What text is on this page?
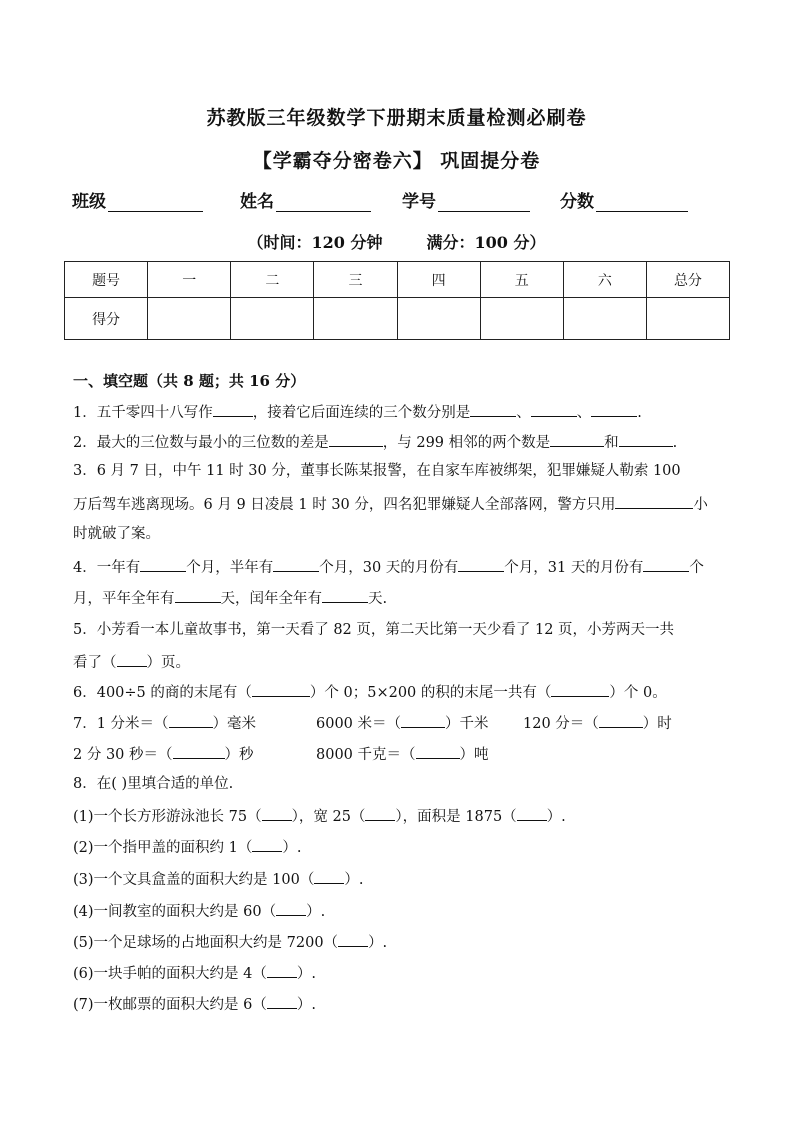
苏教版三年级数学下册期末质量检测必刷卷
【学霸夺分密卷六】 巩固提分卷
班级	姓名	学号	分数
（时间：120 分钟	满分：100 分）
题号	一	二	三	四	五	六	总分
得分							
一、填空题（共 8 题；共 16 分）
1．五千零四十八写作	，接着它后面连续的三个数分别是	、	、	.
2．最大的三位数与最小的三位数的差是	，与 299 相邻的两个数是	和	.
3．6 月 7 日，中午 11 时 30 分，董事长陈某报警，在自家车库被绑架，犯罪嫌疑人勒索 100
万后驾车逃离现场。6 月 9 日凌晨 1 时 30 分，四名犯罪嫌疑人全部落网，警方只用	小
时就破了案。
4．一年有	个月，半年有	个月，30 天的月份有	个月，31 天的月份有	个
月，平年全年有	天，闰年全年有	天.
5．小芳看一本儿童故事书，第一天看了 82 页，第二天比第一天少看了 12 页，小芳两天一共
看了（ ）页。
6．400÷5 的商的末尾有（	）个 0；5×200 的积的末尾一共有（	）个 0。
7．1 分米＝（	）毫米	6000 米＝（	）千米 120 分＝（	）时
2 分 30 秒＝（	）秒	8000 千克＝（	）吨
8．在( )里填合适的单位.
(1)一个长方形游泳池长 75（ ），宽 25（ ），面积是 1875（ ）.
(2)一个指甲盖的面积约 1（ ）.
(3)一个文具盒盖的面积大约是 100（ ）.
(4)一间教室的面积大约是 60（ ）.
(5)一个足球场的占地面积大约是 7200（ ）.
(6)一块手帕的面积大约是 4（ ）.
(7)一枚邮票的面积大约是 6（ ）.
